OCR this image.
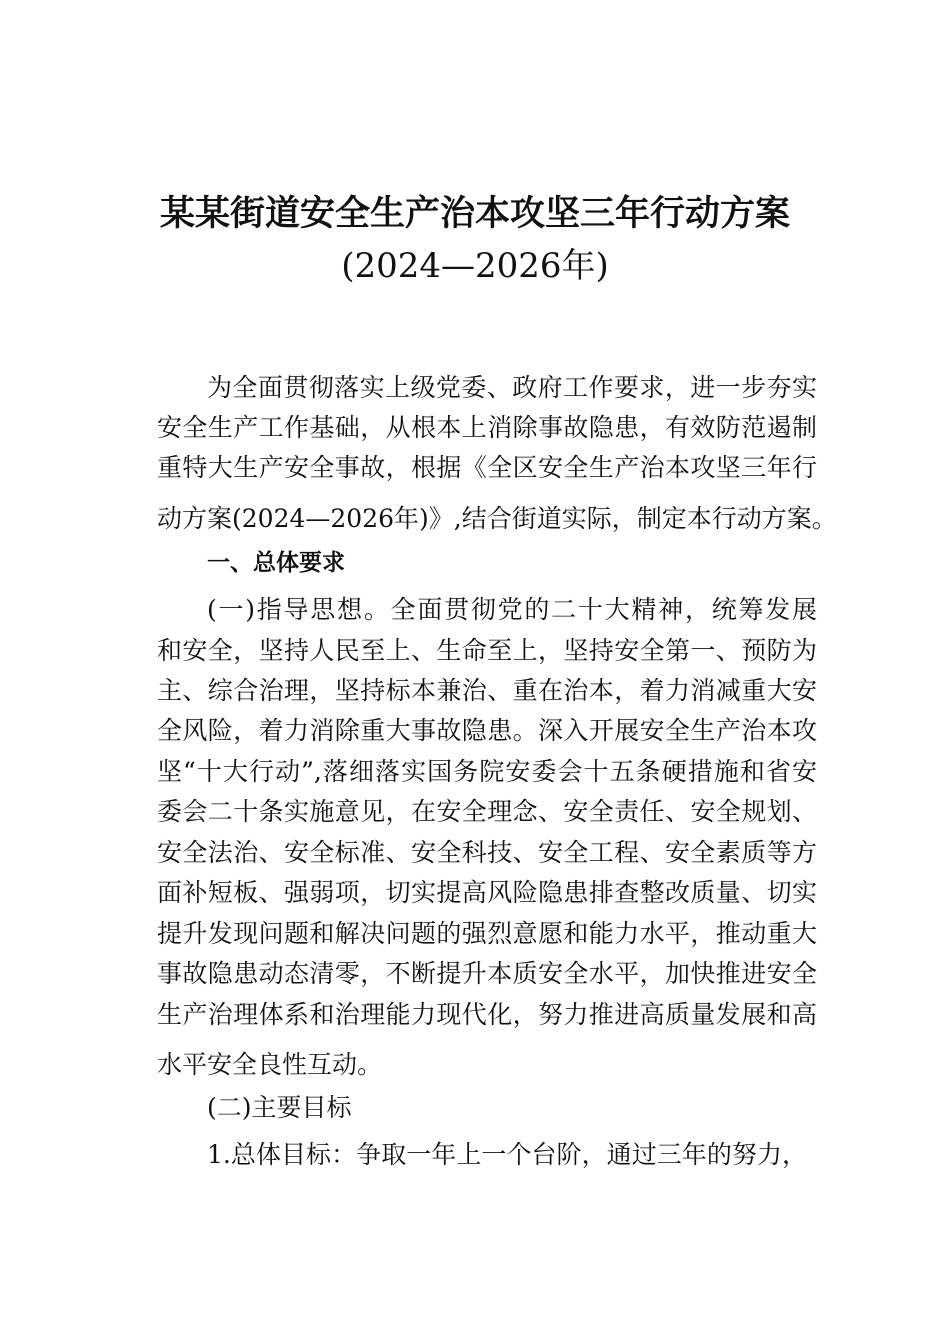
某某街道安全生产治本攻坚三年行动方案
(2024—2026年)
为全面贯彻落实上级党委、政府工作要求，进一步夯实
安全生产工作基础，从根本上消除事故隐患，有效防范遏制
重特大生产安全事故，根据《全区安全生产治本攻坚三年行
动方案(2024—2026年)》,结合街道实际，制定本行动方案。
一、总体要求
(一)指导思想。全面贯彻党的二十大精神，统筹发展
和安全，坚持人民至上、生命至上，坚持安全第一、预防为
主、综合治理，坚持标本兼治、重在治本，着力消减重大安
全风险，着力消除重大事故隐患。深入开展安全生产治本攻
坚“十大行动”,落细落实国务院安委会十五条硬措施和省安
委会二十条实施意见，在安全理念、安全责任、安全规划、
安全法治、安全标准、安全科技、安全工程、安全素质等方
面补短板、强弱项，切实提高风险隐患排查整改质量、切实
提升发现问题和解决问题的强烈意愿和能力水平，推动重大
事故隐患动态清零，不断提升本质安全水平，加快推进安全
生产治理体系和治理能力现代化，努力推进高质量发展和高
水平安全良性互动。
(二)主要目标
1.总体目标：争取一年上一个台阶，通过三年的努力，
